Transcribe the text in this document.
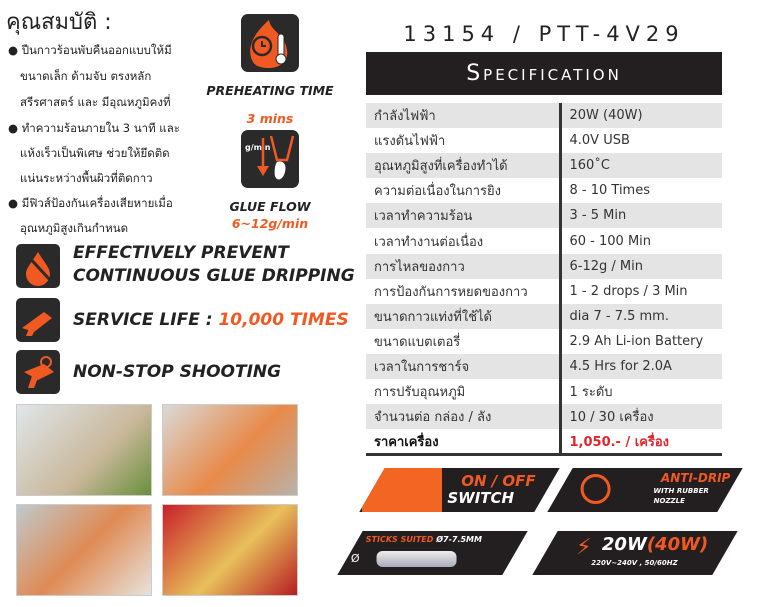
คุณสมบัติ :
● ปืนกาวร้อนพับคืนออกแบบให้มี
ขนาดเล็ก ด้ามจับ ตรงหลัก
สรีรศาสตร์ และ มีอุณหภูมิคงที่
● ทำความร้อนภายใน 3 นาที และ
แห้งเร็วเป็นพิเศษ ช่วยให้ยึดติด
แน่นระหว่างพื้นผิวที่ติดกาว
● มีฟิวส์ป้องกันเครื่องเสียหายเมื่อ
อุณหภูมิสูงเกินกำหนด
PREHEATING TIME
3 mins
g/min
GLUE FLOW
6~12g/min
EFFECTIVELY PREVENT
CONTINUOUS GLUE DRIPPING
SERVICE LIFE : 10,000 TIMES
NON-STOP SHOOTING
13154 / PTT-4V29
Specification
กำลังไฟฟ้า	20W (40W)
แรงดันไฟฟ้า	4.0V USB
อุณหภูมิสูงที่เครื่องทำได้	160˚C
ความต่อเนื่องในการยิง	8 - 10 Times
เวลาทำความร้อน	3 - 5 Min
เวลาทำงานต่อเนื่อง	60 - 100 Min
การไหลของกาว	6-12g / Min
การป้องกันการหยดของกาว	1 - 2 drops / 3 Min
ขนาดกาวแท่งที่ใช้ได้	dia 7 - 7.5 mm.
ขนาดแบตเตอรี่	2.9 Ah Li-ion Battery
เวลาในการชาร์จ	4.5 Hrs for 2.0A
การปรับอุณหภูมิ	1 ระดับ
จำนวนต่อ กล่อง / ลัง	10 / 30 เครื่อง
ราคาเครื่อง	1,050.- / เครื่อง
ON / OFF
SWITCH
ANTI-DRIP
WITH RUBBER
NOZZLE
STICKS SUITED Ø7-7.5MM
Ø	⚡ 20W(40W)
220V~240V , 50/60HZ
